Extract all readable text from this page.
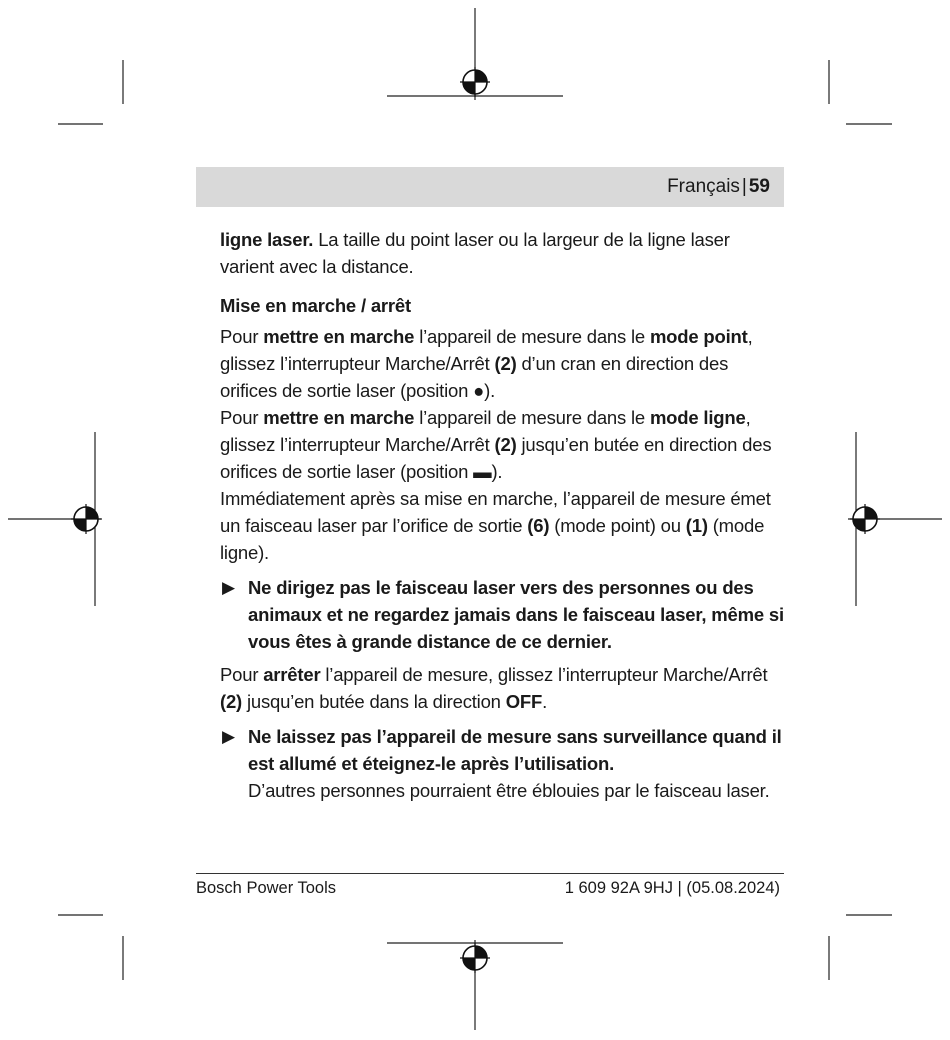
Français | 59

ligne laser. La taille du point laser ou la largeur de la ligne laser varient avec la distance.

Mise en marche / arrêt

Pour mettre en marche l’appareil de mesure dans le mode point, glissez l’interrupteur Marche/Arrêt (2) d’un cran en direction des orifices de sortie laser (position ●).

Pour mettre en marche l’appareil de mesure dans le mode ligne, glissez l’interrupteur Marche/Arrêt (2) jusqu’en butée en direction des orifices de sortie laser (position ▬).

Immédiatement après sa mise en marche, l’appareil de mesure émet un faisceau laser par l’orifice de sortie (6) (mode point) ou (1) (mode ligne).

▶ Ne dirigez pas le faisceau laser vers des personnes ou des animaux et ne regardez jamais dans le faisceau laser, même si vous êtes à grande distance de ce dernier.

Pour arrêter l’appareil de mesure, glissez l’interrupteur Marche/Arrêt (2) jusqu’en butée dans la direction OFF.

▶ Ne laissez pas l’appareil de mesure sans surveillance quand il est allumé et éteignez-le après l’utilisation.
D’autres personnes pourraient être éblouies par le faisceau laser.
Bosch Power Tools	1 609 92A 9HJ | (05.08.2024)
